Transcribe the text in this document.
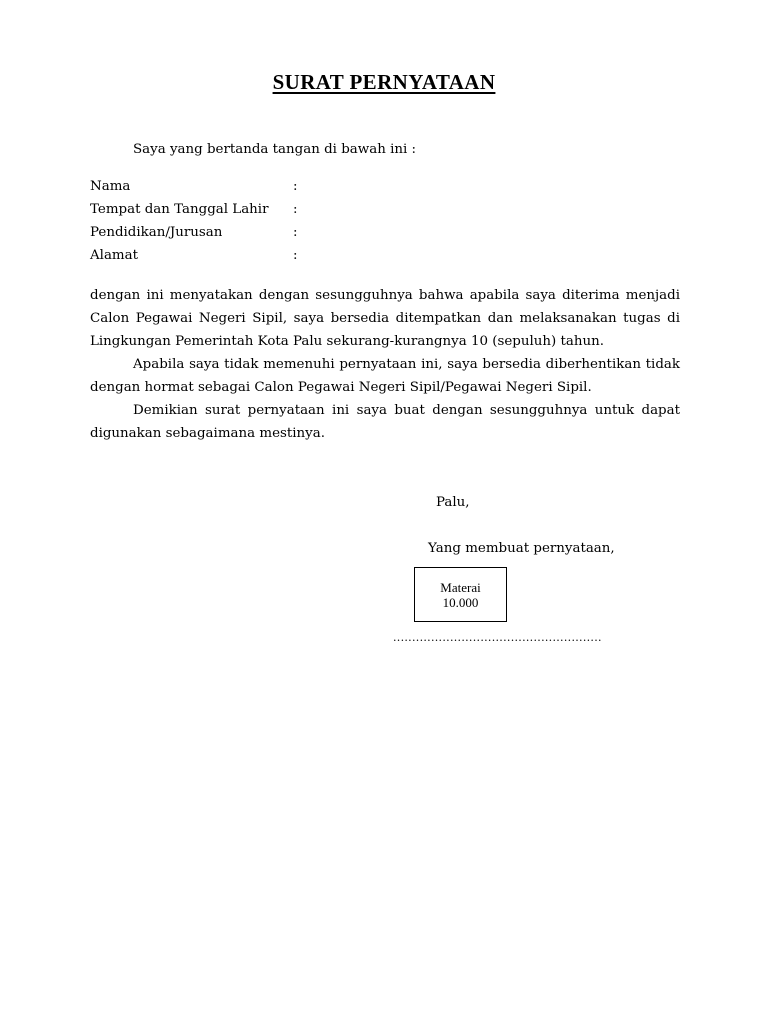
SURAT PERNYATAAN
Saya yang bertanda tangan di bawah ini :
Nama	:
Tempat dan Tanggal Lahir :
Pendidikan/Jurusan	:
Alamat	:

dengan ini menyatakan dengan sesungguhnya bahwa apabila saya diterima menjadi Calon Pegawai Negeri Sipil, saya bersedia ditempatkan dan melaksanakan tugas di Lingkungan Pemerintah Kota Palu sekurang-kurangnya 10 (sepuluh) tahun.

Apabila saya tidak memenuhi pernyataan ini, saya bersedia diberhentikan tidak dengan hormat sebagai Calon Pegawai Negeri Sipil/Pegawai Negeri Sipil.

Demikian surat pernyataan ini saya buat dengan sesungguhnya untuk dapat digunakan sebagaimana mestinya.

Palu,
Yang membuat pernyataan,
Materai
10.000
.......................................................
